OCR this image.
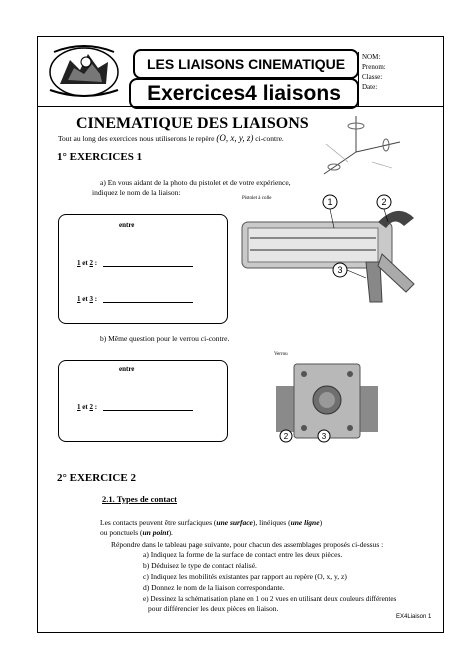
LES LIAISONS CINEMATIQUE
Exercices4 liaisons
NOM:
Prenom:
Classe:
Date:
CINEMATIQUE DES LIAISONS
Tout au long des exercices nous utiliserons le repère (O, x, y, z) ci-contre.
1° EXERCICES 1
a) En vous aidant de la photo du pistolet et de votre expérience,
indiquez le nom de la liaison:
entre
1 et 2 :
1 et 3 :
Pistolet à colle	1	2
3
b) Même question pour le verrou ci-contre.
entre
1 et 2 :
Verrou
2	3
2° EXERCICE 2
2.1. Types de contact
Les contacts peuvent être surfaciques (une surface), linéiques (une ligne)
ou ponctuels (un point).
Répondre dans le tableau page suivante, pour chacun des assemblages proposés ci-dessus :
a) Indiquez la forme de la surface de contact entre les deux pièces.
b) Déduisez le type de contact réalisé.
c) Indiquez les mobilités existantes par rapport au repère (O, x, y, z)
d) Donnez le nom de la liaison correspondante.
e) Dessinez la schématisation plane en 1 ou 2 vues en utilisant deux couleurs différentes
pour différencier les deux pièces en liaison.
EX4Liaison 1
